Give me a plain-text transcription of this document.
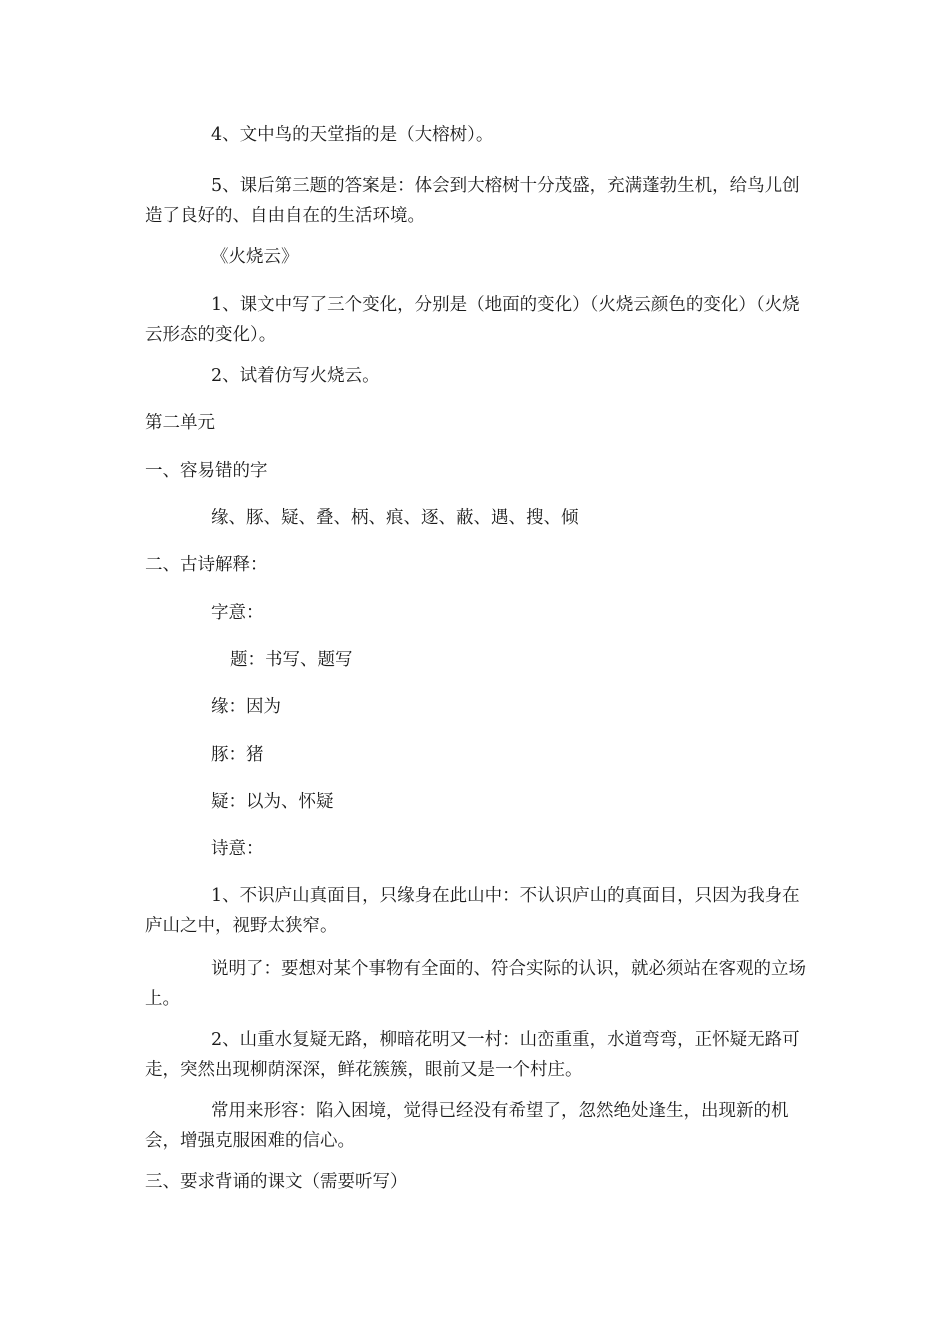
4、文中鸟的天堂指的是（大榕树）。

5、课后第三题的答案是：体会到大榕树十分茂盛，充满蓬勃生机，给鸟儿创造了良好的、自由自在的生活环境。

《火烧云》

1、课文中写了三个变化，分别是（地面的变化）（火烧云颜色的变化）（火烧云形态的变化）。

2、试着仿写火烧云。

第二单元

一、容易错的字

缘、豚、疑、叠、柄、痕、逐、蔽、遇、搜、倾

二、古诗解释：

字意：

题：书写、题写

缘：因为

豚：猪

疑：以为、怀疑

诗意：

1、不识庐山真面目，只缘身在此山中：不认识庐山的真面目，只因为我身在庐山之中，视野太狭窄。

说明了：要想对某个事物有全面的、符合实际的认识，就必须站在客观的立场上。

2、山重水复疑无路，柳暗花明又一村：山峦重重，水道弯弯，正怀疑无路可走，突然出现柳荫深深，鲜花簇簇，眼前又是一个村庄。

常用来形容：陷入困境，觉得已经没有希望了，忽然绝处逢生，出现新的机会，增强克服困难的信心。

三、要求背诵的课文（需要听写）
